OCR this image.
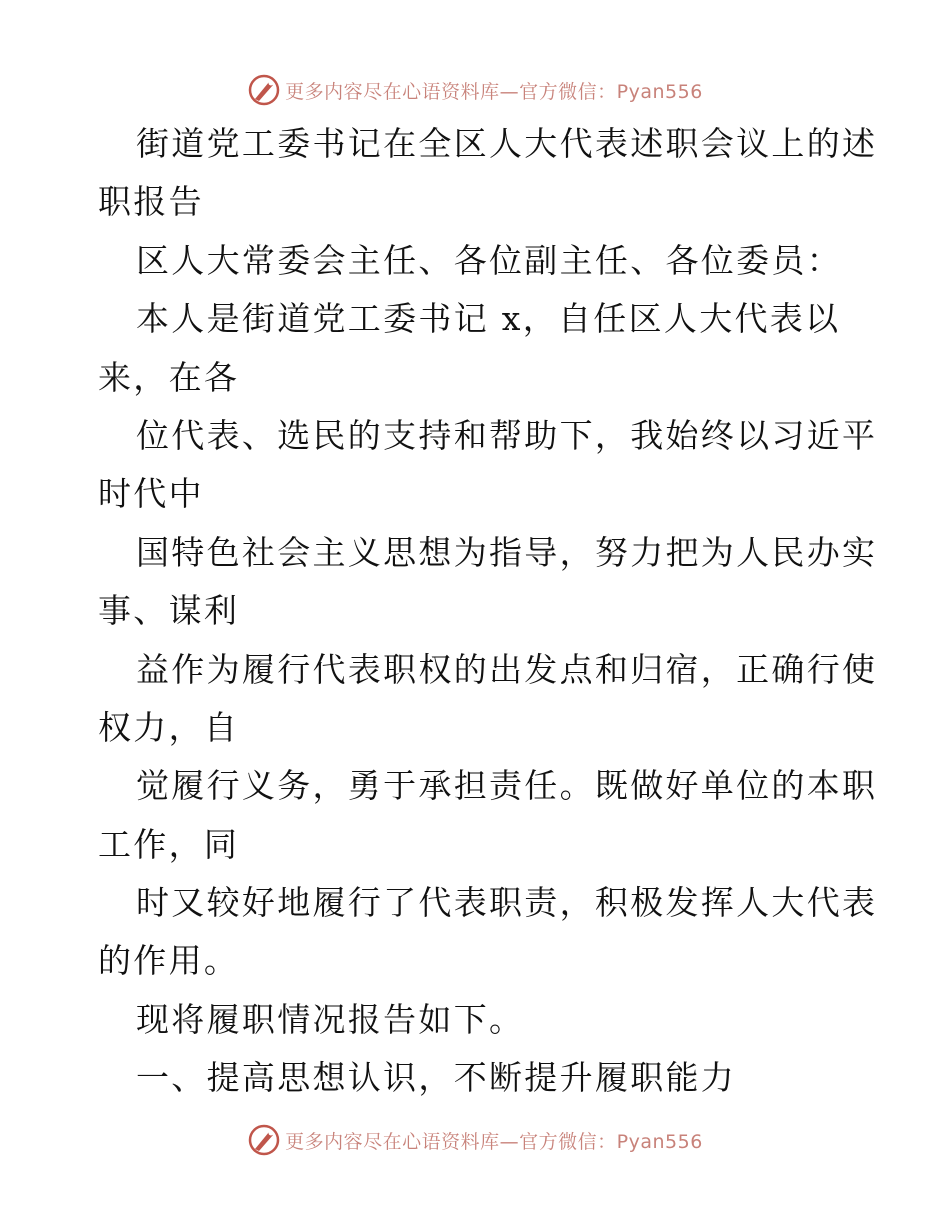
更多内容尽在心语资料库—官方微信：Pyan556
街道党工委书记在全区人大代表述职会议上的述
职报告
区人大常委会主任、各位副主任、各位委员：
本人是街道党工委书记 x，自任区人大代表以
来，在各
位代表、选民的支持和帮助下，我始终以习近平
时代中
国特色社会主义思想为指导，努力把为人民办实
事、谋利
益作为履行代表职权的出发点和归宿，正确行使
权力，自
觉履行义务，勇于承担责任。既做好单位的本职
工作，同
时又较好地履行了代表职责，积极发挥人大代表
的作用。
现将履职情况报告如下。
一、提高思想认识，不断提升履职能力
更多内容尽在心语资料库—官方微信：Pyan556
